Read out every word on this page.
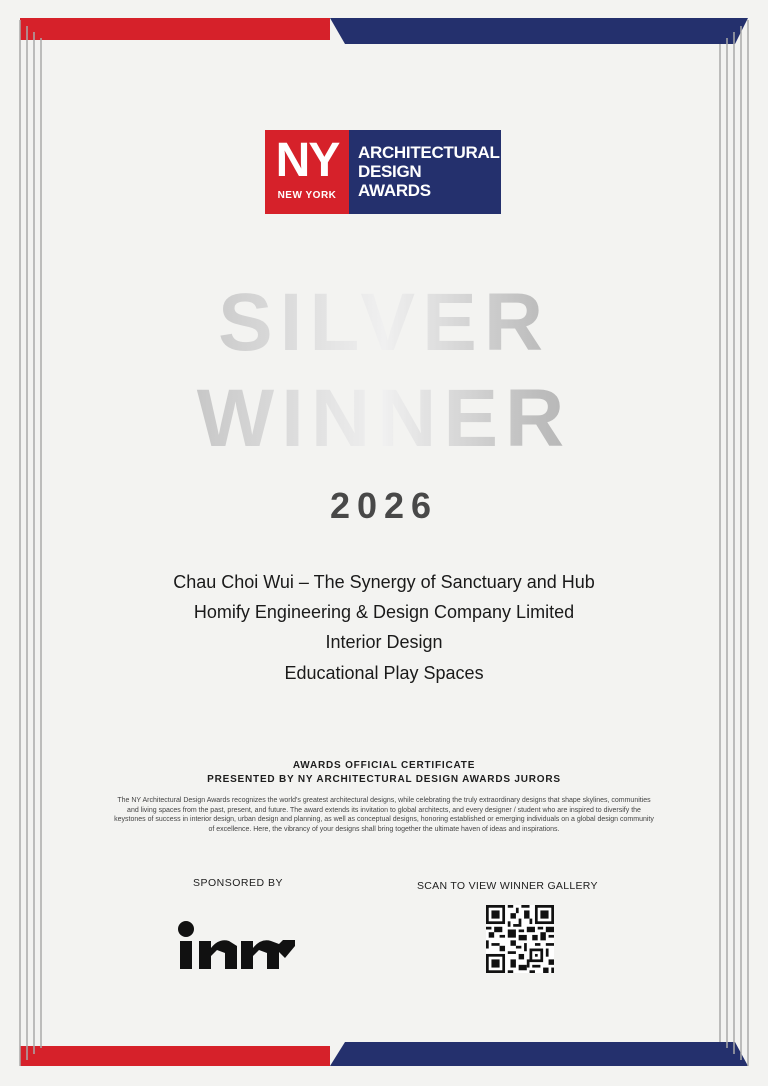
NY
NEW YORK
ARCHITECTURAL
DESIGN
AWARDS
SILVER
WINNER
2026
Chau Choi Wui – The Synergy of Sanctuary and Hub
Homify Engineering & Design Company Limited
Interior Design
Educational Play Spaces
AWARDS OFFICIAL CERTIFICATE
PRESENTED BY NY ARCHITECTURAL DESIGN AWARDS JURORS
The NY Architectural Design Awards recognizes the world's greatest architectural designs, while celebrating the truly extraordinary designs that shape skylines, communities and living spaces from the past, present, and future. The award extends its invitation to global architects, and every designer / student who are inspired to diversify the keystones of success in interior design, urban design and planning, as well as conceptual designs, honoring established or emerging individuals on a global design community of excellence. Here, the vibrancy of your designs shall bring together the ultimate haven of ideas and inspirations.
SPONSORED BY	SCAN TO VIEW WINNER GALLERY
